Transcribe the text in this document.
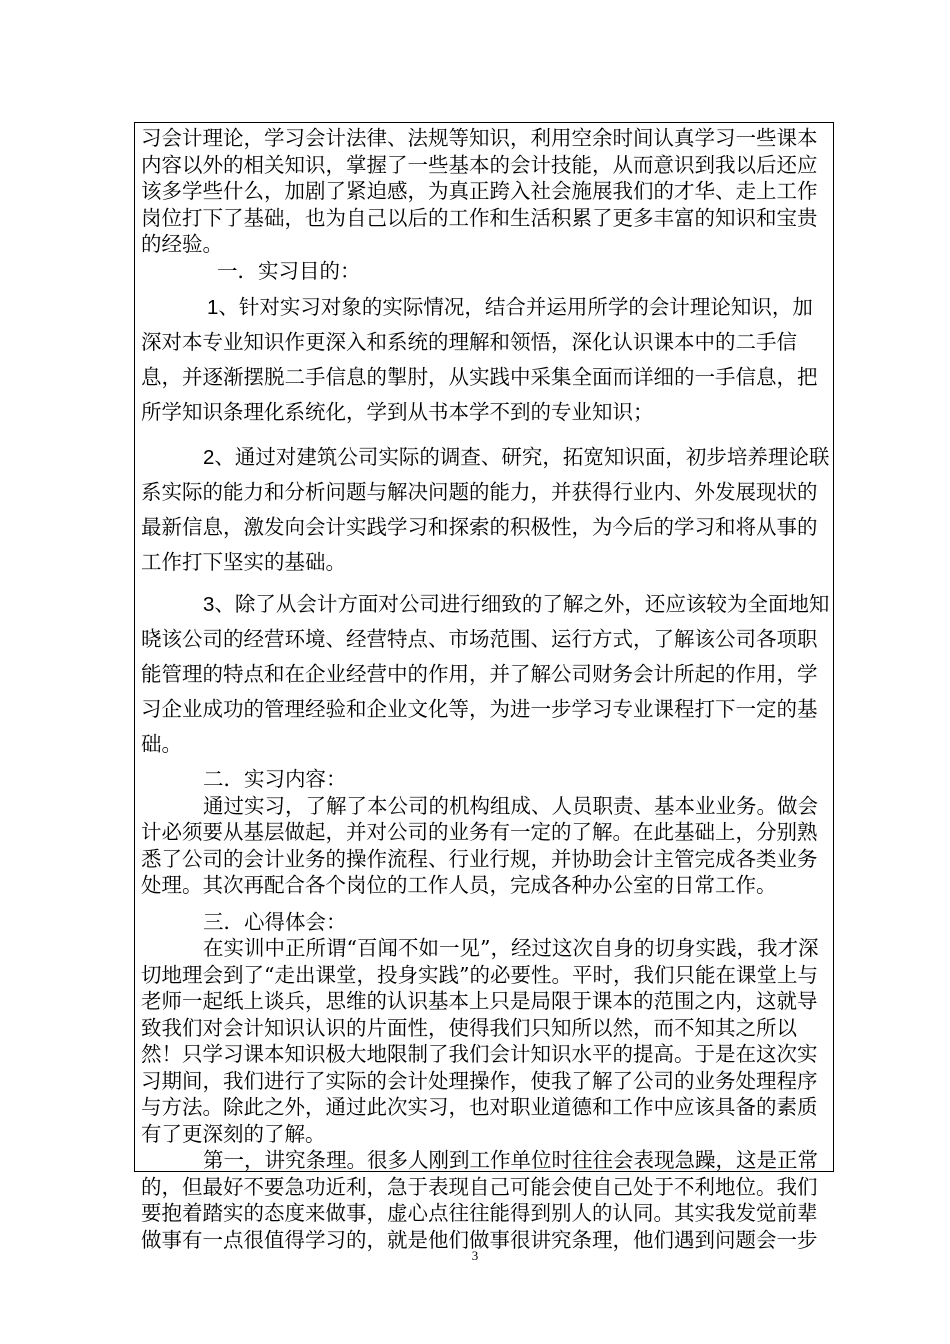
习会计理论，学习会计法律、法规等知识，利用空余时间认真学习一些课本内容以外的相关知识，掌握了一些基本的会计技能，从而意识到我以后还应该多学些什么，加剧了紧迫感，为真正跨入社会施展我们的才华、走上工作岗位打下了基础，也为自己以后的工作和生活积累了更多丰富的知识和宝贵的经验。

一．实习目的：

1、针对实习对象的实际情况，结合并运用所学的会计理论知识，加深对本专业知识作更深入和系统的理解和领悟，深化认识课本中的二手信息，并逐渐摆脱二手信息的掣肘，从实践中采集全面而详细的一手信息，把所学知识条理化系统化，学到从书本学不到的专业知识；

2、通过对建筑公司实际的调查、研究，拓宽知识面，初步培养理论联系实际的能力和分析问题与解决问题的能力，并获得行业内、外发展现状的最新信息，激发向会计实践学习和探索的积极性，为今后的学习和将从事的工作打下坚实的基础。

3、除了从会计方面对公司进行细致的了解之外，还应该较为全面地知晓该公司的经营环境、经营特点、市场范围、运行方式，了解该公司各项职能管理的特点和在企业经营中的作用，并了解公司财务会计所起的作用，学习企业成功的管理经验和企业文化等，为进一步学习专业课程打下一定的基础。

二．实习内容：

通过实习，了解了本公司的机构组成、人员职责、基本业业务。做会计必须要从基层做起，并对公司的业务有一定的了解。在此基础上，分别熟悉了公司的会计业务的操作流程、行业行规，并协助会计主管完成各类业务处理。其次再配合各个岗位的工作人员，完成各种办公室的日常工作。

三．心得体会：

在实训中正所谓“百闻不如一见”，经过这次自身的切身实践，我才深切地理会到了“走出课堂，投身实践”的必要性。平时，我们只能在课堂上与老师一起纸上谈兵，思维的认识基本上只是局限于课本的范围之内，这就导致我们对会计知识认识的片面性，使得我们只知所以然，而不知其之所以然！只学习课本知识极大地限制了我们会计知识水平的提高。于是在这次实习期间，我们进行了实际的会计处理操作，使我了解了公司的业务处理程序与方法。除此之外，通过此次实习，也对职业道德和工作中应该具备的素质有了更深刻的了解。

第一，讲究条理。很多人刚到工作单位时往往会表现急躁，这是正常的，但最好不要急功近利，急于表现自己可能会使自己处于不利地位。我们要抱着踏实的态度来做事，虚心点往往能得到别人的认同。其实我发觉前辈做事有一点很值得学习的，就是他们做事很讲究条理，他们遇到问题会一步

3
